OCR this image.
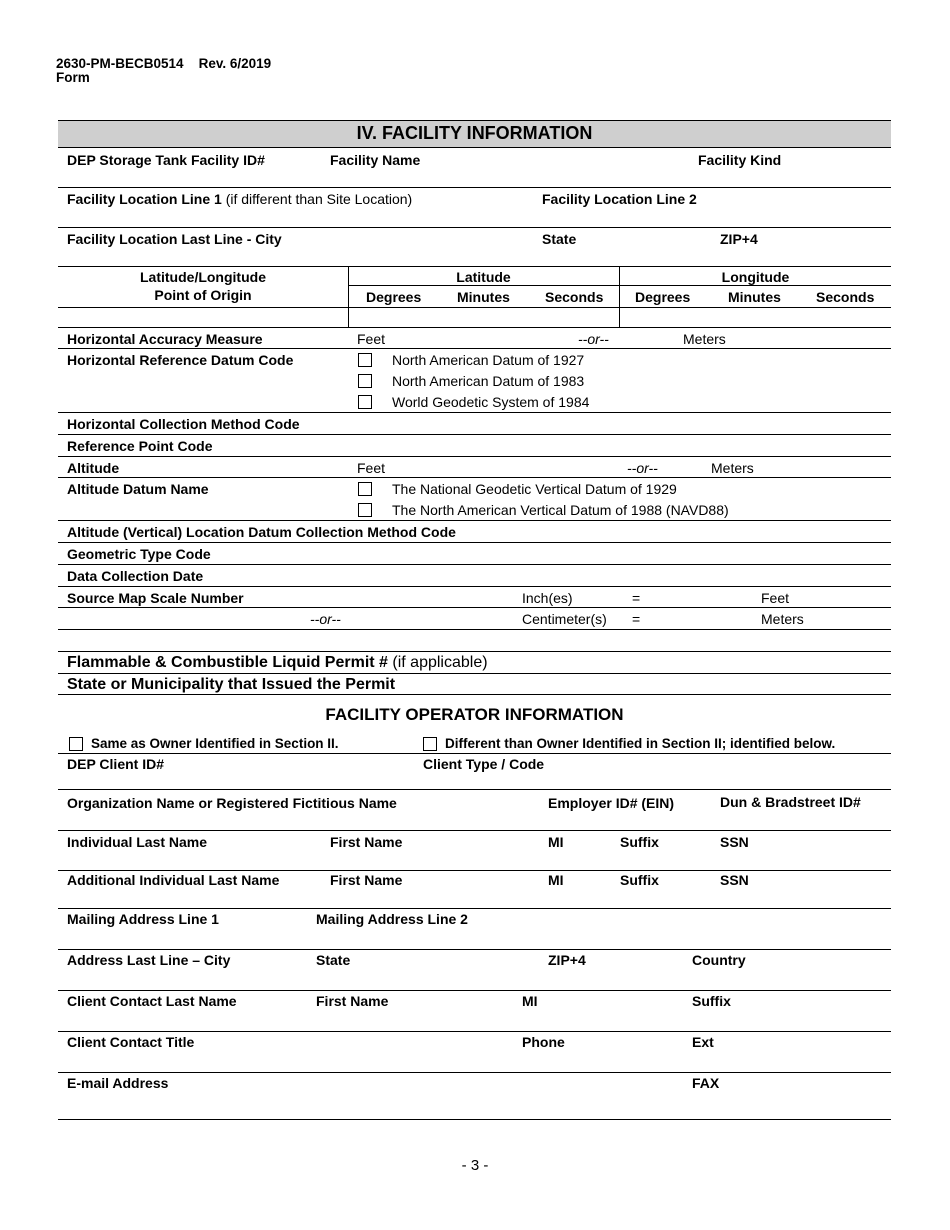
2630-PM-BECB0514 Rev. 6/2019
Form
IV. FACILITY INFORMATION
DEP Storage Tank Facility ID#	Facility Name	Facility Kind
Facility Location Line 1 (if different than Site Location)	Facility Location Line 2
Facility Location Last Line - City	State	ZIP+4
Latitude/Longitude
Point of Origin
Latitude	Longitude
Degrees	Minutes	Seconds Degrees	Minutes	Seconds
Horizontal Accuracy Measure	Feet	--or--	Meters
Horizontal Reference Datum Code	North American Datum of 1927
North American Datum of 1983
World Geodetic System of 1984
Horizontal Collection Method Code
Reference Point Code
Altitude	Feet	--or--	Meters
Altitude Datum Name	The National Geodetic Vertical Datum of 1929
The North American Vertical Datum of 1988 (NAVD88)
Altitude (Vertical) Location Datum Collection Method Code
Geometric Type Code
Data Collection Date
Source Map Scale Number	Inch(es)	=	Feet
--or--	Centimeter(s) =	Meters
Flammable & Combustible Liquid Permit # (if applicable)
State or Municipality that Issued the Permit
FACILITY OPERATOR INFORMATION
Same as Owner Identified in Section II.	Different than Owner Identified in Section II; identified below.
DEP Client ID#	Client Type / Code
Organization Name or Registered Fictitious Name	Employer ID# (EIN)	Dun & Bradstreet ID#
Individual Last Name	First Name	MI	Suffix	SSN
Additional Individual Last Name	First Name	MI	Suffix	SSN
Mailing Address Line 1	Mailing Address Line 2
Address Last Line – City	State	ZIP+4	Country
Client Contact Last Name	First Name	MI	Suffix
Client Contact Title	Phone	Ext
E-mail Address	FAX
- 3 -
